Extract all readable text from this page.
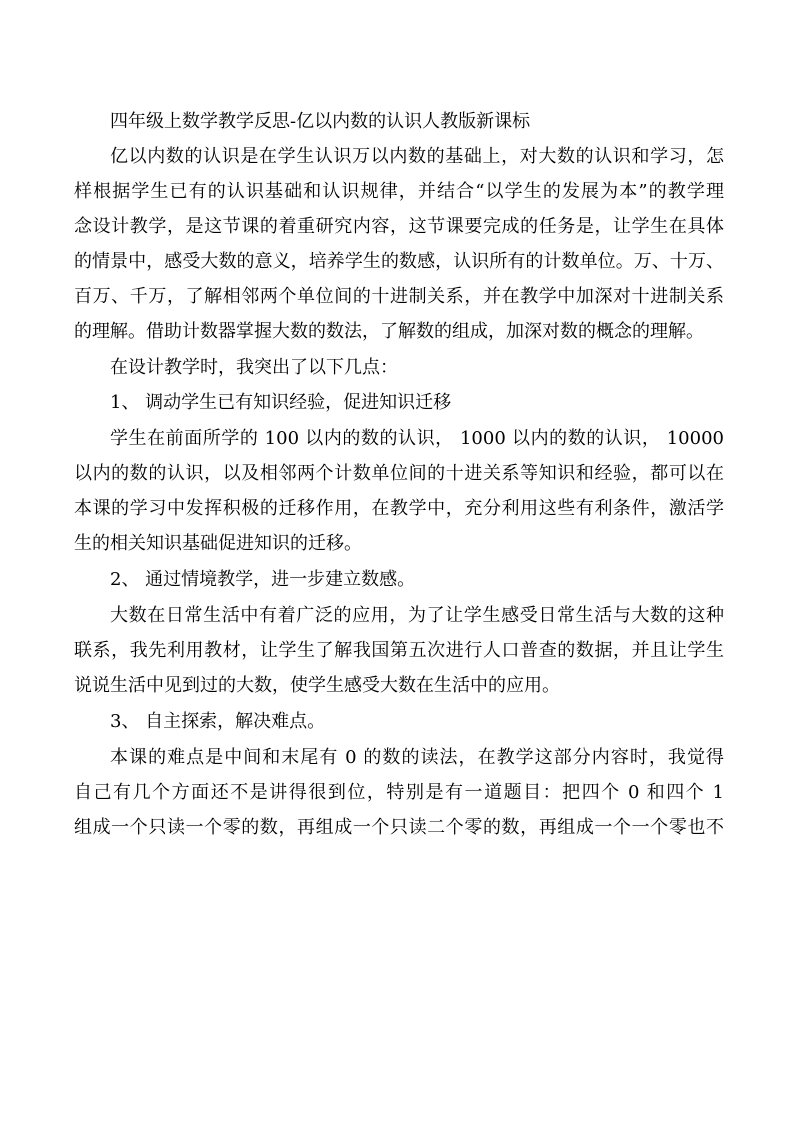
四年级上数学教学反思-亿以内数的认识人教版新课标
亿以内数的认识是在学生认识万以内数的基础上，对大数的认识和学习，怎
样根据学生已有的认识基础和认识规律，并结合“以学生的发展为本”的教学理
念设计教学，是这节课的着重研究内容，这节课要完成的任务是，让学生在具体
的情景中，感受大数的意义，培养学生的数感，认识所有的计数单位。万、十万、
百万、千万，了解相邻两个单位间的十进制关系，并在教学中加深对十进制关系
的理解。借助计数器掌握大数的数法，了解数的组成，加深对数的概念的理解。
在设计教学时，我突出了以下几点：
1、 调动学生已有知识经验，促进知识迁移
学生在前面所学的 100 以内的数的认识， 1000 以内的数的认识， 10000
以内的数的认识，以及相邻两个计数单位间的十进关系等知识和经验，都可以在
本课的学习中发挥积极的迁移作用，在教学中，充分利用这些有利条件，激活学
生的相关知识基础促进知识的迁移。
2、 通过情境教学，进一步建立数感。
大数在日常生活中有着广泛的应用，为了让学生感受日常生活与大数的这种
联系，我先利用教材，让学生了解我国第五次进行人口普查的数据，并且让学生
说说生活中见到过的大数，使学生感受大数在生活中的应用。
3、 自主探索，解决难点。
本课的难点是中间和末尾有 0 的数的读法，在教学这部分内容时，我觉得
自己有几个方面还不是讲得很到位，特别是有一道题目：把四个 0 和四个 1
组成一个只读一个零的数，再组成一个只读二个零的数，再组成一个一个零也不
